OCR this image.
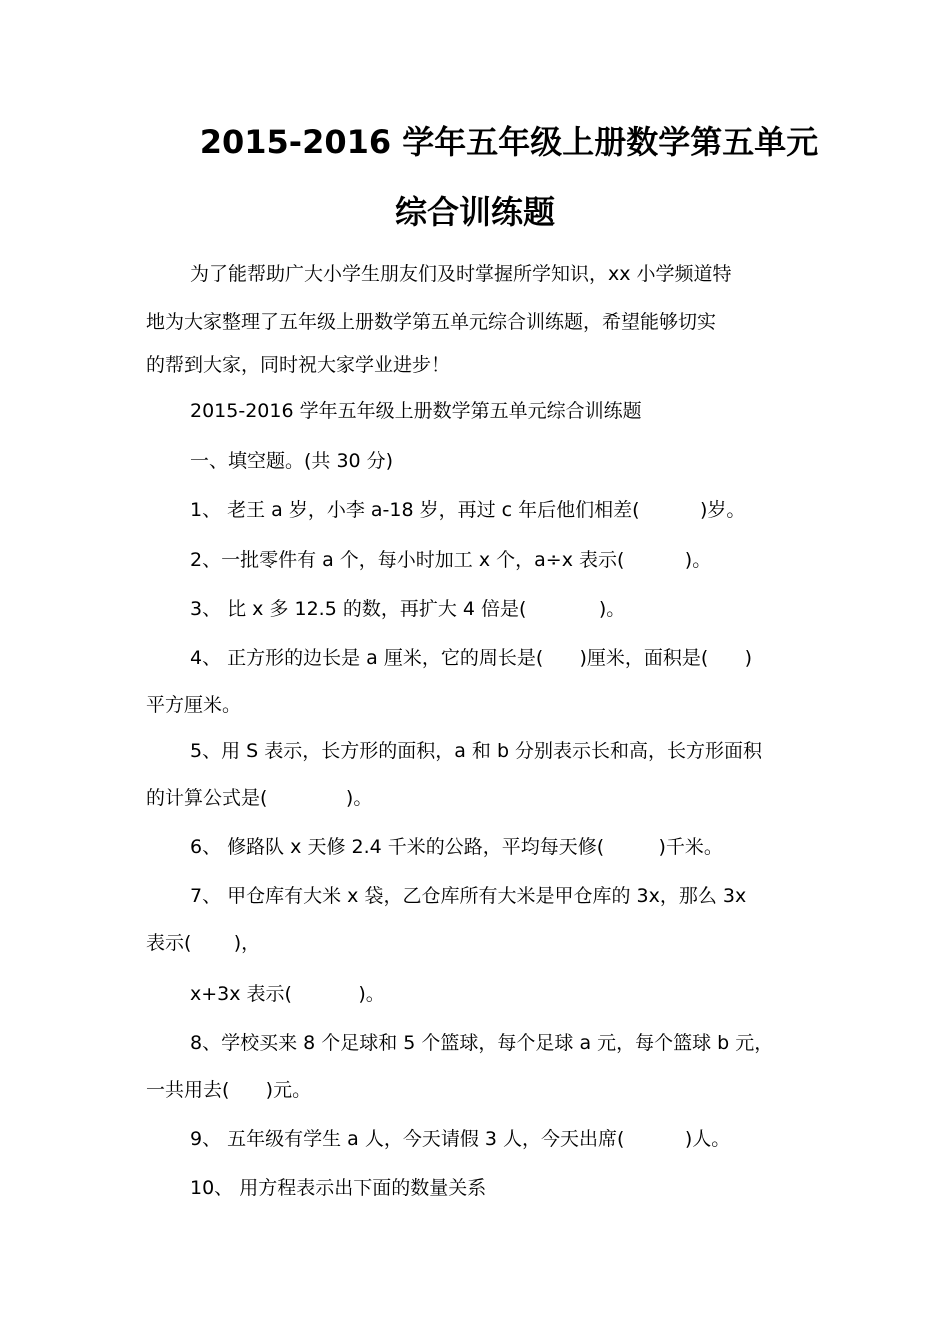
2015-2016 学年五年级上册数学第五单元
综合训练题

为了能帮助广大小学生朋友们及时掌握所学知识，xx 小学频道特

地为大家整理了五年级上册数学第五单元综合训练题，希望能够切实

的帮到大家，同时祝大家学业进步！

2015-2016 学年五年级上册数学第五单元综合训练题

一、填空题。(共 30 分)

1、 老王 a 岁，小李 a-18 岁，再过 c 年后他们相差(          )岁。

2、一批零件有 a 个，每小时加工 x 个，a÷x 表示(          )。

3、 比 x 多 12.5 的数，再扩大 4 倍是(            )。

4、 正方形的边长是 a 厘米，它的周长是(      )厘米，面积是(      )

平方厘米。

5、用 S 表示，长方形的面积，a 和 b 分别表示长和高，长方形面积

的计算公式是(             )。

6、 修路队 x 天修 2.4 千米的公路，平均每天修(         )千米。

7、 甲仓库有大米 x 袋，乙仓库所有大米是甲仓库的 3x，那么 3x

表示(       )，

x+3x 表示(           )。

8、学校买来 8 个足球和 5 个篮球，每个足球 a 元，每个篮球 b 元，

一共用去(      )元。

9、 五年级有学生 a 人，今天请假 3 人，今天出席(          )人。

10、 用方程表示出下面的数量关系
